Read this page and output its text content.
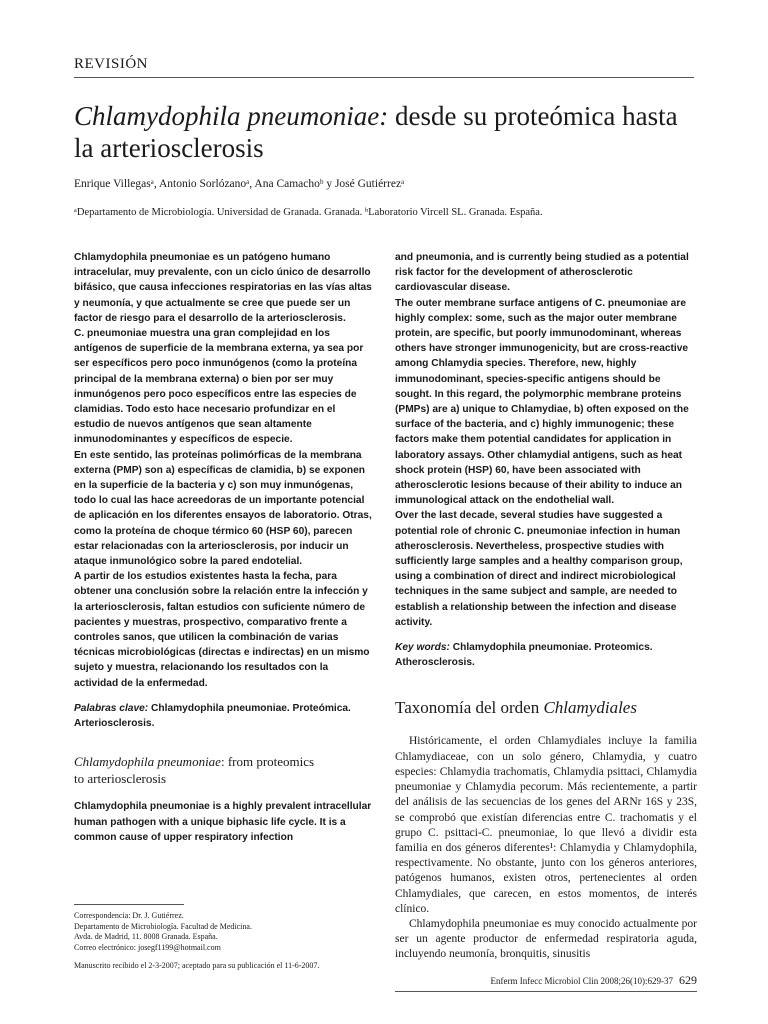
REVISIÓN
Chlamydophila pneumoniae: desde su proteómica hasta la arteriosclerosis
Enrique Villegasᵃ, Antonio Sorlózanoᵃ, Ana Camachoᵇ y José Gutiérrezᵃ
ᵃDepartamento de Microbiología. Universidad de Granada. Granada. ᵇLaboratorio Vircell SL. Granada. España.

Chlamydophila pneumoniae es un patógeno humano intracelular, muy prevalente, con un ciclo único de desarrollo bifásico, que causa infecciones respiratorias en las vías altas y neumonía, y que actualmente se cree que puede ser un factor de riesgo para el desarrollo de la arteriosclerosis.

C. pneumoniae muestra una gran complejidad en los antígenos de superficie de la membrana externa, ya sea por ser específicos pero poco inmunógenos (como la proteína principal de la membrana externa) o bien por ser muy inmunógenos pero poco específicos entre las especies de clamidias. Todo esto hace necesario profundizar en el estudio de nuevos antígenos que sean altamente inmunodominantes y específicos de especie.

En este sentido, las proteínas polimórficas de la membrana externa (PMP) son a) específicas de clamidia, b) se exponen en la superficie de la bacteria y c) son muy inmunógenas, todo lo cual las hace acreedoras de un importante potencial de aplicación en los diferentes ensayos de laboratorio. Otras, como la proteína de choque térmico 60 (HSP 60), parecen estar relacionadas con la arteriosclerosis, por inducir un ataque inmunológico sobre la pared endotelial.

A partir de los estudios existentes hasta la fecha, para obtener una conclusión sobre la relación entre la infección y la arteriosclerosis, faltan estudios con suficiente número de pacientes y muestras, prospectivo, comparativo frente a controles sanos, que utilicen la combinación de varias técnicas microbiológicas (directas e indirectas) en un mismo sujeto y muestra, relacionando los resultados con la actividad de la enfermedad.

Palabras clave: Chlamydophila pneumoniae. Proteómica. Arteriosclerosis.

Chlamydophila pneumoniae: from proteomics
to arteriosclerosis

Chlamydophila pneumoniae is a highly prevalent intracellular human pathogen with a unique biphasic life cycle. It is a common cause of upper respiratory infection

and pneumonia, and is currently being studied as a potential risk factor for the development of atherosclerotic cardiovascular disease.

The outer membrane surface antigens of C. pneumoniae are highly complex: some, such as the major outer membrane protein, are specific, but poorly immunodominant, whereas others have stronger immunogenicity, but are cross-reactive among Chlamydia species. Therefore, new, highly immunodominant, species-specific antigens should be sought. In this regard, the polymorphic membrane proteins (PMPs) are a) unique to Chlamydiae, b) often exposed on the surface of the bacteria, and c) highly immunogenic; these factors make them potential candidates for application in laboratory assays. Other chlamydial antigens, such as heat shock protein (HSP) 60, have been associated with atherosclerotic lesions because of their ability to induce an immunological attack on the endothelial wall.

Over the last decade, several studies have suggested a potential role of chronic C. pneumoniae infection in human atherosclerosis. Nevertheless, prospective studies with sufficiently large samples and a healthy comparison group, using a combination of direct and indirect microbiological techniques in the same subject and sample, are needed to establish a relationship between the infection and disease activity.

Key words: Chlamydophila pneumoniae. Proteomics. Atherosclerosis.

Taxonomía del orden Chlamydiales

Históricamente, el orden Chlamydiales incluye la familia Chlamydiaceae, con un solo género, Chlamydia, y cuatro especies: Chlamydia trachomatis, Chlamydia psittaci, Chlamydia pneumoniae y Chlamydia pecorum. Más recientemente, a partir del análisis de las secuencias de los genes del ARNr 16S y 23S, se comprobó que existían diferencias entre C. trachomatis y el grupo C. psittaci-C. pneumoniae, lo que llevó a dividir esta familia en dos géneros diferentes¹: Chlamydia y Chlamydophila, respectivamente. No obstante, junto con los géneros anteriores, patógenos humanos, existen otros, pertenecientes al orden Chlamydiales, que carecen, en estos momentos, de interés clínico.

Chlamydophila pneumoniae es muy conocido actualmente por ser un agente productor de enfermedad respiratoria aguda, incluyendo neumonía, bronquitis, sinusitis

Correspondencia: Dr. J. Gutiérrez.
Departamento de Microbiología. Facultad de Medicina.
Avda. de Madrid, 11. 8008 Granada. España.
Correo electrónico: josegf1199@hotmail.com
Manuscrito recibido el 2-3-2007; aceptado para su publicación el 11-6-2007.
Enferm Infecc Microbiol Clin 2008;26(10):629-37 629
